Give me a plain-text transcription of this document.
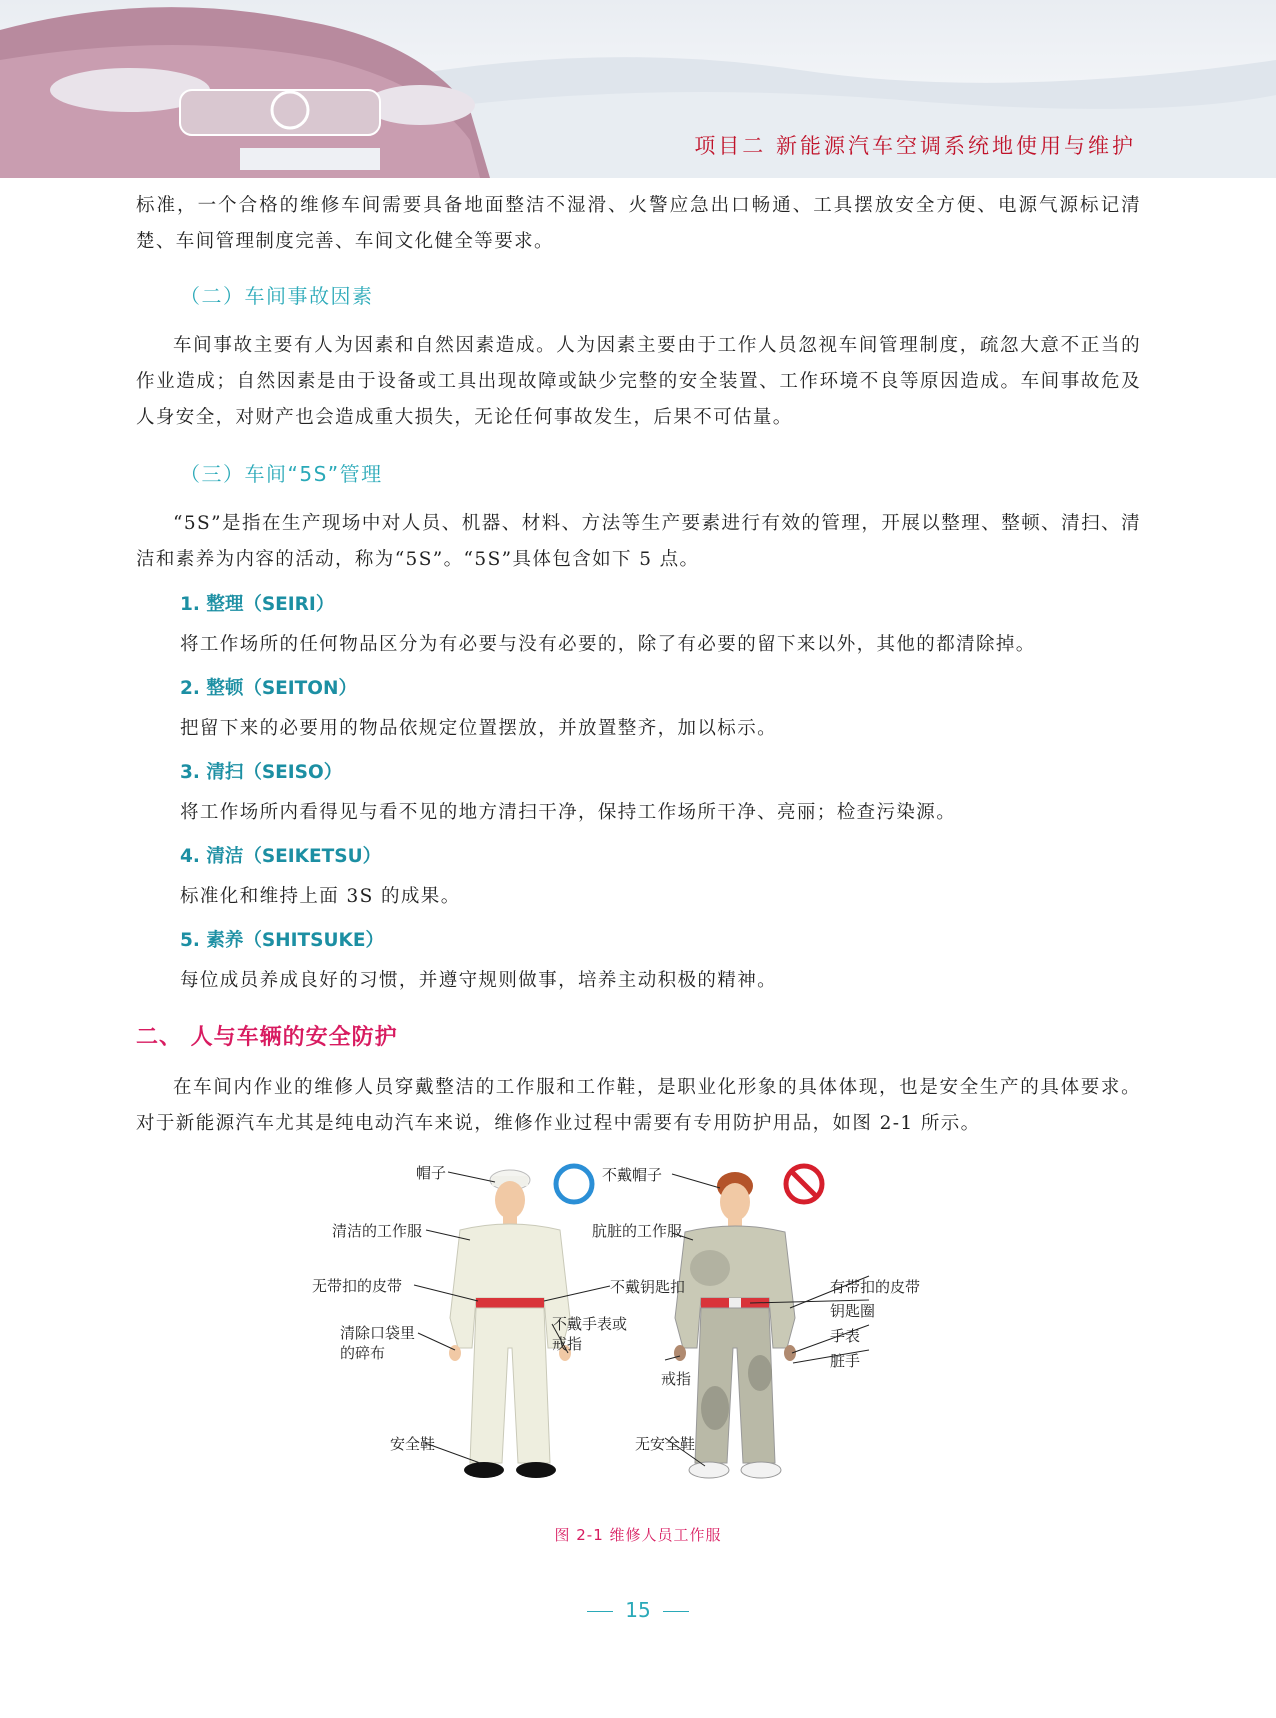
项目二 新能源汽车空调系统地使用与维护
标准，一个合格的维修车间需要具备地面整洁不湿滑、火警应急出口畅通、工具摆放安全方便、电源气源标记清楚、车间管理制度完善、车间文化健全等要求。
（二）车间事故因素
车间事故主要有人为因素和自然因素造成。人为因素主要由于工作人员忽视车间管理制度，疏忽大意不正当的作业造成；自然因素是由于设备或工具出现故障或缺少完整的安全装置、工作环境不良等原因造成。车间事故危及人身安全，对财产也会造成重大损失，无论任何事故发生，后果不可估量。
（三）车间“5S”管理
“5S”是指在生产现场中对人员、机器、材料、方法等生产要素进行有效的管理，开展以整理、整顿、清扫、清洁和素养为内容的活动，称为“5S”。“5S”具体包含如下 5 点。
1. 整理（SEIRI）
将工作场所的任何物品区分为有必要与没有必要的，除了有必要的留下来以外，其他的都清除掉。
2. 整顿（SEITON）
把留下来的必要用的物品依规定位置摆放，并放置整齐，加以标示。
3. 清扫（SEISO）
将工作场所内看得见与看不见的地方清扫干净，保持工作场所干净、亮丽；检查污染源。
4. 清洁（SEIKETSU）
标准化和维持上面 3S 的成果。
5. 素养（SHITSUKE）
每位成员养成良好的习惯，并遵守规则做事，培养主动积极的精神。
二、 人与车辆的安全防护
在车间内作业的维修人员穿戴整洁的工作服和工作鞋，是职业化形象的具体体现，也是安全生产的具体要求。对于新能源汽车尤其是纯电动汽车来说，维修作业过程中需要有专用防护用品，如图 2-1 所示。
帽子
清洁的工作服
无带扣的皮带
清除口袋里的碎布
不戴钥匙扣
不戴手表或戒指
安全鞋
不戴帽子
肮脏的工作服
有带扣的皮带
钥匙圈
手表
脏手
戒指
无安全鞋
图 2-1 维修人员工作服
15
